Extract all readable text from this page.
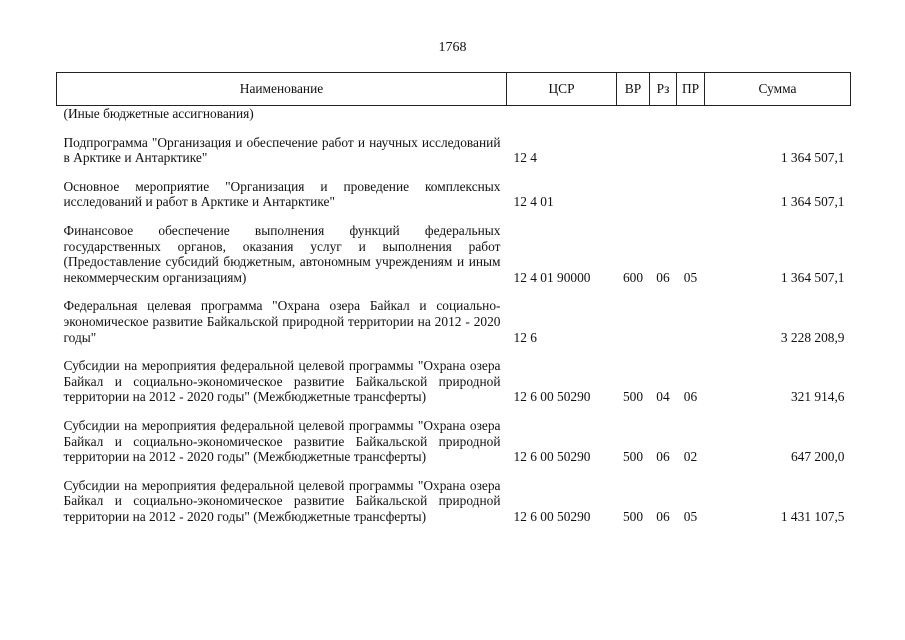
1768
Наименование	ЦСР	ВР	Рз	ПР	Сумма
(Иные бюджетные ассигнования)					

Подпрограмма "Организация и обеспечение работ и научных исследований в Арктике и Антарктике"	12 4				1 364 507,1

Основное мероприятие "Организация и проведение комплексных исследований и работ в Арктике и Антарктике"	12 4 01				1 364 507,1

Финансовое обеспечение выполнения функций федеральных государственных органов, оказания услуг и выполнения работ (Предоставление субсидий бюджетным, автономным учреждениям и иным некоммерческим организациям)	12 4 01 90000	600	06	05	1 364 507,1

Федеральная целевая программа "Охрана озера Байкал и социально-экономическое развитие Байкальской природной территории на 2012 - 2020 годы"	12 6				3 228 208,9

Субсидии на мероприятия федеральной целевой программы "Охрана озера Байкал и социально-экономическое развитие Байкальской природной территории на 2012 - 2020 годы" (Межбюджетные трансферты)	12 6 00 50290	500	04	06	321 914,6

Субсидии на мероприятия федеральной целевой программы "Охрана озера Байкал и социально-экономическое развитие Байкальской природной территории на 2012 - 2020 годы" (Межбюджетные трансферты)	12 6 00 50290	500	06	02	647 200,0

Субсидии на мероприятия федеральной целевой программы "Охрана озера Байкал и социально-экономическое развитие Байкальской природной территории на 2012 - 2020 годы" (Межбюджетные трансферты)	12 6 00 50290	500	06	05	1 431 107,5
